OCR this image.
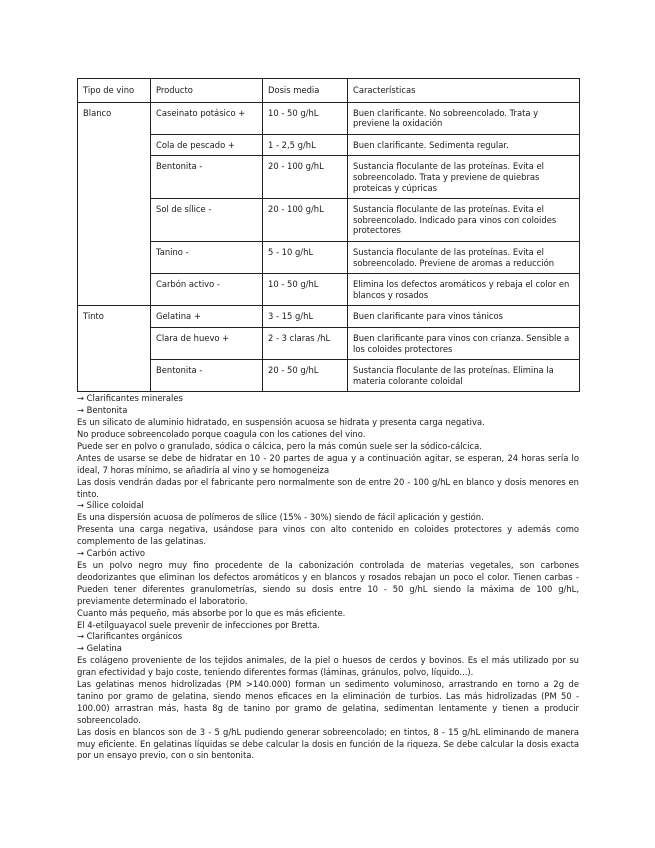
Tipo de vino	Producto	Dosis media	Características
Blanco	Caseinato potásico +	10 - 50 g/hL	Buen clarificante. No sobreencolado. Trata y previene la oxidación
	Cola de pescado +	1 - 2,5 g/hL	Buen clarificante. Sedimenta regular.
	Bentonita -	20 - 100 g/hL	Sustancia floculante de las proteínas. Evita el sobreencolado. Trata y previene de quiebras proteicas y cúpricas
	Sol de sílice -	20 - 100 g/hL	Sustancia floculante de las proteínas. Evita el sobreencolado. Indicado para vinos con coloides protectores
	Tanino -	5 - 10 g/hL	Sustancia floculante de las proteínas. Evita el sobreencolado. Previene de aromas a reducción
	Carbón activo -	10 - 50 g/hL	Elimina los defectos aromáticos y rebaja el color en blancos y rosados
Tinto	Gelatina +	3 - 15 g/hL	Buen clarificante para vinos tánicos
	Clara de huevo +	2 - 3 claras /hL	Buen clarificante para vinos con crianza. Sensible a los coloides protectores
	Bentonita -	20 - 50 g/hL	Sustancia floculante de las proteínas. Elimina la materia colorante coloidal

→ Clarificantes minerales

→ Bentonita

Es un silicato de aluminio hidratado, en suspensión acuosa se hidrata y presenta carga negativa.

No produce sobreencolado porque coagula con los cationes del vino.

Puede ser en polvo o granulado, sódica o cálcica, pero la más común suele ser la sódico-cálcica.

Antes de usarse se debe de hidratar en 10 - 20 partes de agua y a continuación agitar, se esperan, 24 horas sería lo ideal, 7 horas mínimo, se añadiría al vino y se homogeneiza

Las dosis vendrán dadas por el fabricante pero normalmente son de entre 20 - 100 g/hL en blanco y dosis menores en tinto.

→ Sílice coloidal

Es una dispersión acuosa de polímeros de sílice (15% - 30%) siendo de fácil aplicación y gestión.

Presenta una carga negativa, usándose para vinos con alto contenido en coloides protectores y además como complemento de las gelatinas.

→ Carbón activo

Es un polvo negro muy fino procedente de la cabonización controlada de materias vegetales, son carbones deodorizantes que eliminan los defectos aromáticos y en blancos y rosados rebajan un poco el color. Tienen carbas - Pueden tener diferentes granulometrías, siendo su dosis entre 10 - 50 g/hL siendo la máxima de 100 g/hL, previamente determinado el laboratorio.

Cuanto más pequeño, más absorbe por lo que es más eficiente.

El 4-etilguayacol suele prevenir de infecciones por Bretta.

→ Clarificantes orgánicos

→ Gelatina

Es colágeno proveniente de los tejidos animales, de la piel o huesos de cerdos y bovinos. Es el más utilizado por su gran efectividad y bajo coste, teniendo diferentes formas (láminas, gránulos, polvo, líquido...).

Las gelatinas menos hidrolizadas (PM >140.000) forman un sedimento voluminoso, arrastrando en torno a 2g de tanino por gramo de gelatina, siendo menos eficaces en la eliminación de turbios. Las más hidrolizadas (PM 50 - 100.00) arrastran más, hasta 8g de tanino por gramo de gelatina, sedimentan lentamente y tienen a producir sobreencolado.

Las dosis en blancos son de 3 - 5 g/hL pudiendo generar sobreencolado; en tintos, 8 - 15 g/hL eliminando de manera muy eficiente. En gelatinas líquidas se debe calcular la dosis en función de la riqueza. Se debe calcular la dosis exacta por un ensayo previo, con o sin bentonita.
